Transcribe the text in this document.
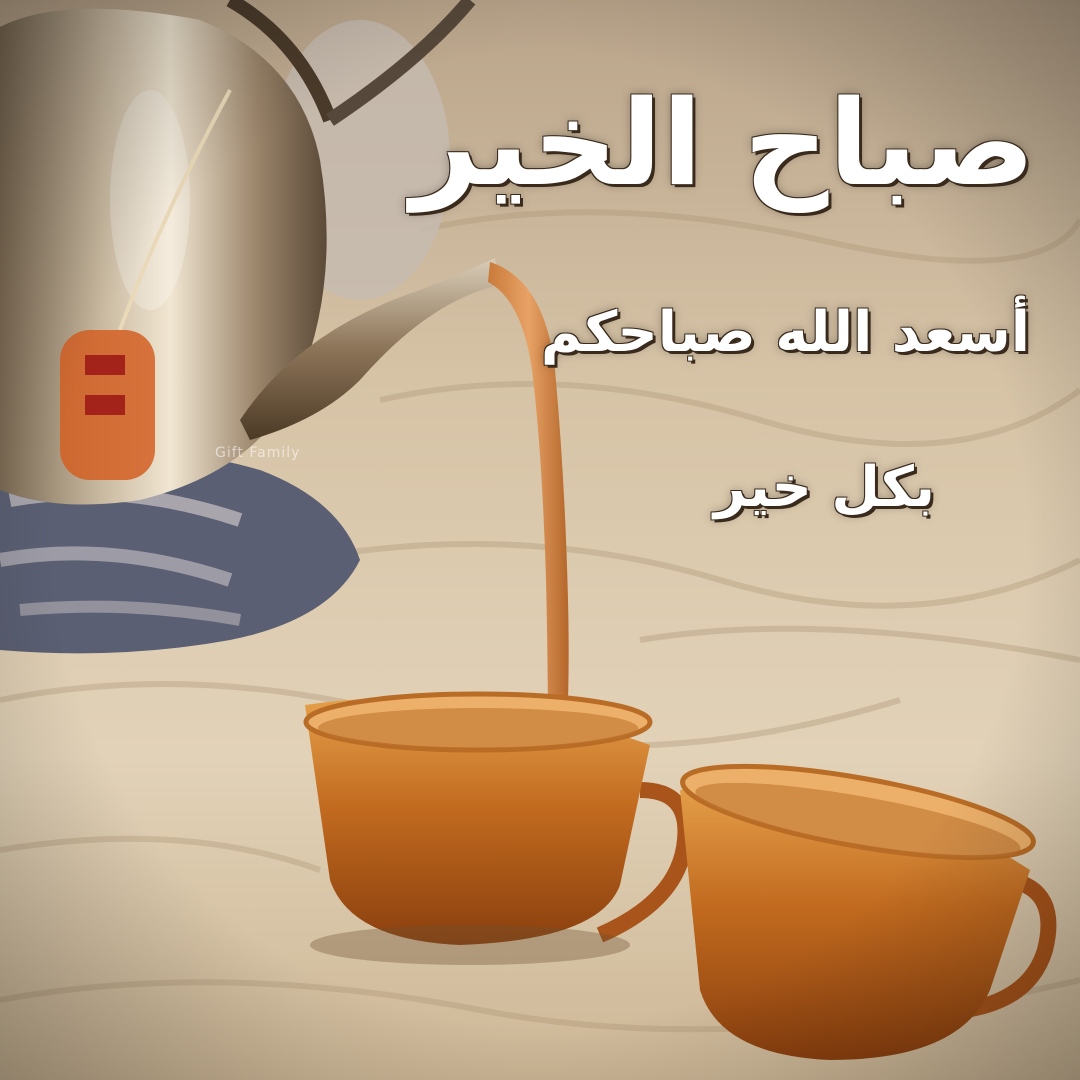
صباح الخير

أسعد الله صباحكم

بكل خير

Gift Family
